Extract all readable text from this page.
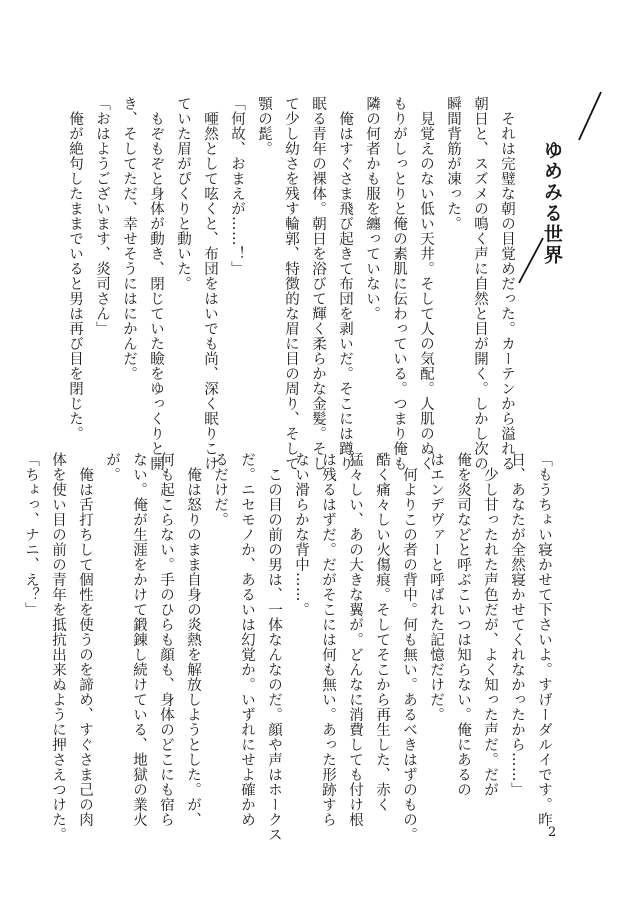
ゆめみる世界

　それは完璧な朝の目覚めだった。カーテンから溢れる

朝日と、スズメの鳴く声に自然と目が開く。しかし次の

瞬間背筋が凍った。

　見覚えのない低い天井。そして人の気配。人肌のぬく

もりがしっとりと俺の素肌に伝わっている。つまり俺も

隣の何者かも服を纏っていない。

　俺はすぐさま飛び起きて布団を剥いだ。そこには蹲り

眠る青年の裸体。朝日を浴びて輝く柔らかな金髪。そし

て少し幼さを残す輪郭、特徴的な眉に目の周り、そして

顎の髭。

「何故、おまえが……！」

　唖然として呟くと、布団をはいでも尚、深く眠りこけ

ていた眉がぴくりと動いた。

　もぞもぞと身体が動き、閉じていた瞼をゆっくりと開

き、そしてただ、幸せそうにはにかんだ。

「おはようございます、炎司さん」

　俺が絶句したままでいると男は再び目を閉じた。

「もうちょい寝かせて下さいよ。すげーダルイです。昨

日、あなたが全然寝かせてくれなかったから……」

　少し甘ったれた声色だが、よく知った声だ。だが

俺を炎司などと呼ぶこいつは知らない。俺にあるの

はエンデヴァーと呼ばれた記憶だけだ。

　何よりこの者の背中。何も無い。あるべきはずのもの。

酷く痛々しい火傷痕。そしてそこから再生した、赤く

猛々しい、あの大きな翼が。どんなに消費しても付け根

は残るはずだ。だがそこには何も無い。あった形跡すら

ない滑らかな背中……。

　この目の前の男は、一体なんなのだ。顔や声はホークス

だ。ニセモノか、あるいは幻覚か。いずれにせよ確かめ

るだけだ。

　俺は怒りのまま自身の炎熱を解放しようとした。が、

何も起こらない。手のひらも顔も、身体のどこにも宿ら

ない。俺が生涯をかけて鍛錬し続けている、地獄の業火

が。

　俺は舌打ちして個性を使うのを諦め、すぐさま己の肉

体を使い目の前の青年を抵抗出来ぬように押さえつけた。

「ちょっ、ナニ、え？」

2
